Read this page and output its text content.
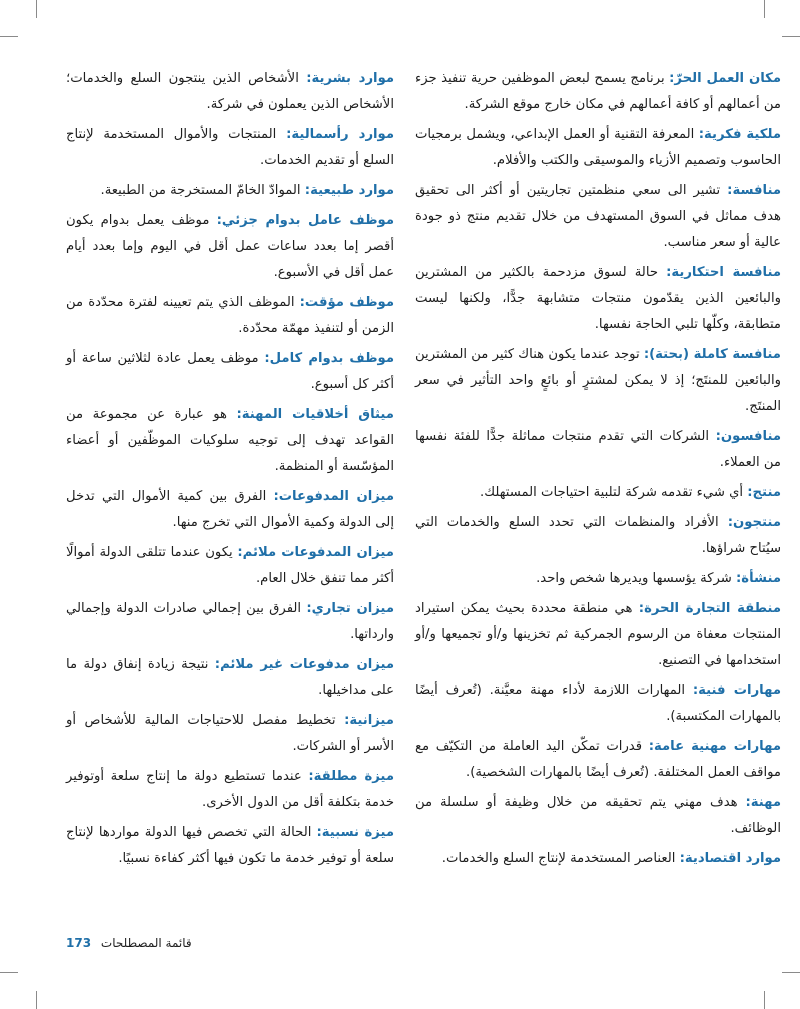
مكان العمل الحرّ: برنامج يسمح لبعض الموظفين حرية تنفيذ جزء من أعمالهم أو كافة أعمالهم في مكان خارج موقع الشركة.

ملكية فكرية: المعرفة التقنية أو العمل الإبداعي، ويشمل برمجيات الحاسوب وتصميم الأزياء والموسيقى والكتب والأفلام.

منافسة: تشير الى سعي منظمتين تجاريتين أو أكثر الى تحقيق هدف مماثل في السوق المستهدف من خلال تقديم منتج ذو جودة عالية أو سعر مناسب.

منافسة احتكارية: حالة لسوق مزدحمة بالكثير من المشترين والبائعين الذين يقدّمون منتجات متشابهة جدًّا، ولكنها ليست متطابقة، وكلّها تلبي الحاجة نفسها.

منافسة كاملة (بحتة): توجد عندما يكون هناك كثير من المشترين والبائعين للمنتَج؛ إذ لا يمكن لمشترٍ أو بائعٍ واحد التأثير في سعر المنتَج.

منافسون: الشركات التي تقدم منتجات مماثلة جدًّا للفئة نفسها من العملاء.

منتج: أي شيء تقدمه شركة لتلبية احتياجات المستهلك.

منتجون: الأفراد والمنظمات التي تحدد السلع والخدمات التي سيُتاح شراؤها.

منشأة: شركة يؤسسها ويديرها شخص واحد.

منطقة التجارة الحرة: هي منطقة محددة بحيث يمكن استيراد المنتجات معفاة من الرسوم الجمركية ثم تخزينها و/أو تجميعها و/أو استخدامها في التصنيع.

مهارات فنية: المهارات اللازمة لأداء مهنة معيَّنة. (تُعرف أيضًا بالمهارات المكتسبة).

مهارات مهنية عامة: قدرات تمكّن اليد العاملة من التكيّف مع مواقف العمل المختلفة. (تُعرف أيضًا بالمهارات الشخصية).

مهنة: هدف مهني يتم تحقيقه من خلال وظيفة أو سلسلة من الوظائف.

موارد اقتصادية: العناصر المستخدمة لإنتاج السلع والخدمات.

موارد بشرية: الأشخاص الذين ينتجون السلع والخدمات؛ الأشخاص الذين يعملون في شركة.

موارد رأسمالية: المنتجات والأموال المستخدمة لإنتاج السلع أو تقديم الخدمات.

موارد طبيعية: الموادّ الخامّ المستخرجة من الطبيعة.

موظف عامل بدوام جزئي: موظف يعمل بدوام يكون أقصر إما بعدد ساعات عمل أقل في اليوم وإما بعدد أيام عمل أقل في الأسبوع.

موظف مؤقت: الموظف الذي يتم تعيينه لفترة محدّدة من الزمن أو لتنفيذ مهمّة محدّدة.

موظف بدوام كامل: موظف يعمل عادة لثلاثين ساعة أو أكثر كل أسبوع.

ميثاق أخلاقيات المهنة: هو عبارة عن مجموعة من القواعد تهدف إلى توجيه سلوكيات الموظّفين أو أعضاء المؤسّسة أو المنظمة.

ميزان المدفوعات: الفرق بين كمية الأموال التي تدخل إلى الدولة وكمية الأموال التي تخرج منها.

ميزان المدفوعات ملائم: يكون عندما تتلقى الدولة أموالًا أكثر مما تنفق خلال العام.

ميزان تجاري: الفرق بين إجمالي صادرات الدولة وإجمالي وارداتها.

ميزان مدفوعات غير ملائم: نتيجة زيادة إنفاق دولة ما على مداخيلها.

ميزانية: تخطيط مفصل للاحتياجات المالية للأشخاص أو الأسر أو الشركات.

ميزة مطلقة: عندما تستطيع دولة ما إنتاج سلعة أوتوفير خدمة بتكلفة أقل من الدول الأخرى.

ميزة نسبية: الحالة التي تخصص فيها الدولة مواردها لإنتاج سلعة أو توفير خدمة ما تكون فيها أكثر كفاءة نسبيًا.

قائمة المصطلحات 173
